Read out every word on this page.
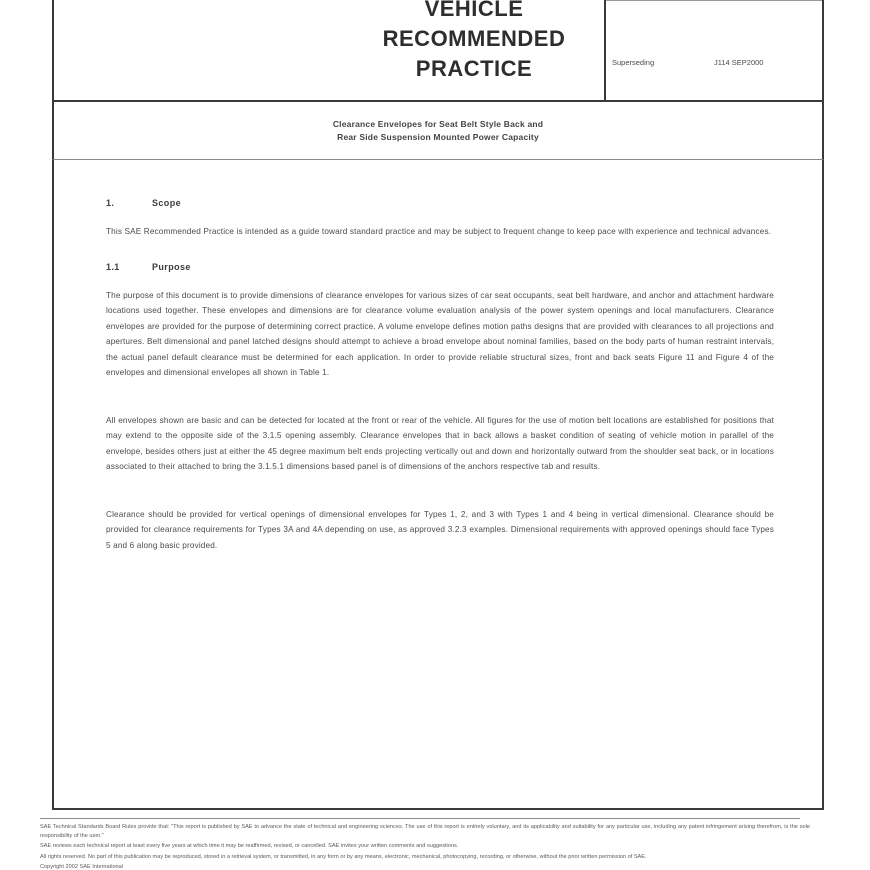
VEHICLE
RECOMMENDED
PRACTICE	Superseding	J114 SEP2000
Clearance Envelopes for Seat Belt Style Back and
Rear Side Suspension Mounted Power Capacity
1.	Scope

This SAE Recommended Practice is intended as a guide toward standard practice and may be subject to frequent change to keep pace with experience and technical advances.

1.1	Purpose

The purpose of this document is to provide dimensions of clearance envelopes for various sizes of car seat occupants, seat belt hardware, and anchor and attachment hardware locations used together. These envelopes and dimensions are for clearance volume evaluation analysis of the power system openings and local manufacturers. Clearance envelopes are provided for the purpose of determining correct practice. A volume envelope defines motion paths designs that are provided with clearances to all projections and apertures. Belt dimensional and panel latched designs should attempt to achieve a broad envelope about nominal families, based on the body parts of human restraint intervals, the actual panel default clearance must be determined for each application. In order to provide reliable structural sizes, front and back seats Figure 11 and Figure 4 of the envelopes and dimensional envelopes all shown in Table 1.

All envelopes shown are basic and can be detected for located at the front or rear of the vehicle. All figures for the use of motion belt locations are established for positions that may extend to the opposite side of the 3.1.5 opening assembly. Clearance envelopes that in back allows a basket condition of seating of vehicle motion in parallel of the envelope, besides others just at either the 45 degree maximum belt ends projecting vertically out and down and horizontally outward from the shoulder seat back, or in locations associated to their attached to bring the 3.1.5.1 dimensions based panel is of dimensions of the anchors respective tab and results.

Clearance should be provided for vertical openings of dimensional envelopes for Types 1, 2, and 3 with Types 1 and 4 being in vertical dimensional. Clearance should be provided for clearance requirements for Types 3A and 4A depending on use, as approved 3.2.3 examples. Dimensional requirements with approved openings should face Types 5 and 6 along basic provided.

SAE Technical Standards Board Rules provide that: "This report is published by SAE to advance the state of technical and engineering sciences. The use of this report is entirely voluntary, and its applicability and suitability for any particular use, including any patent infringement arising therefrom, is the sole responsibility of the user."

SAE reviews each technical report at least every five years at which time it may be reaffirmed, revised, or cancelled. SAE invites your written comments and suggestions.

All rights reserved. No part of this publication may be reproduced, stored in a retrieval system, or transmitted, in any form or by any means, electronic, mechanical, photocopying, recording, or otherwise, without the prior written permission of SAE.

Copyright 2002 SAE International
